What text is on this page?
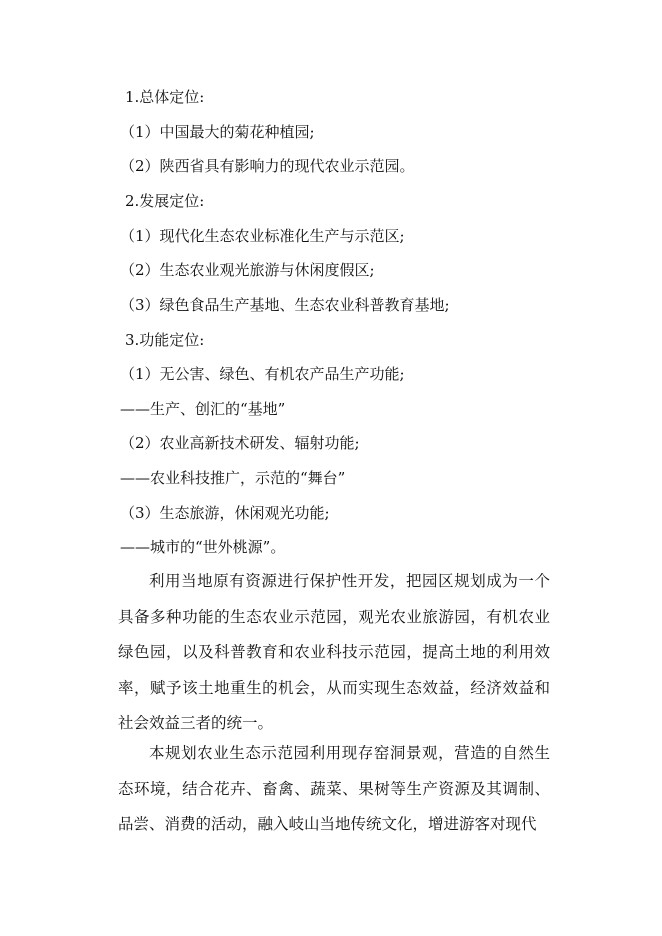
1.总体定位:
（1）中国最大的菊花种植园;
（2）陕西省具有影响力的现代农业示范园。
2.发展定位:
（1）现代化生态农业标准化生产与示范区;
（2）生态农业观光旅游与休闲度假区;
（3）绿色食品生产基地、生态农业科普教育基地;
3.功能定位:
（1）无公害、绿色、有机农产品生产功能;
——生产、创汇的“基地”
（2）农业高新技术研发、辐射功能;
——农业科技推广，示范的“舞台”
（3）生态旅游，休闲观光功能;
——城市的“世外桃源”。

利用当地原有资源进行保护性开发，把园区规划成为一个具备多种功能的生态农业示范园，观光农业旅游园，有机农业绿色园，以及科普教育和农业科技示范园，提高土地的利用效率，赋予该土地重生的机会，从而实现生态效益，经济效益和社会效益三者的统一。

本规划农业生态示范园利用现存窑洞景观，营造的自然生态环境，结合花卉、畜禽、蔬菜、果树等生产资源及其调制、品尝、消费的活动，融入岐山当地传统文化，增进游客对现代
